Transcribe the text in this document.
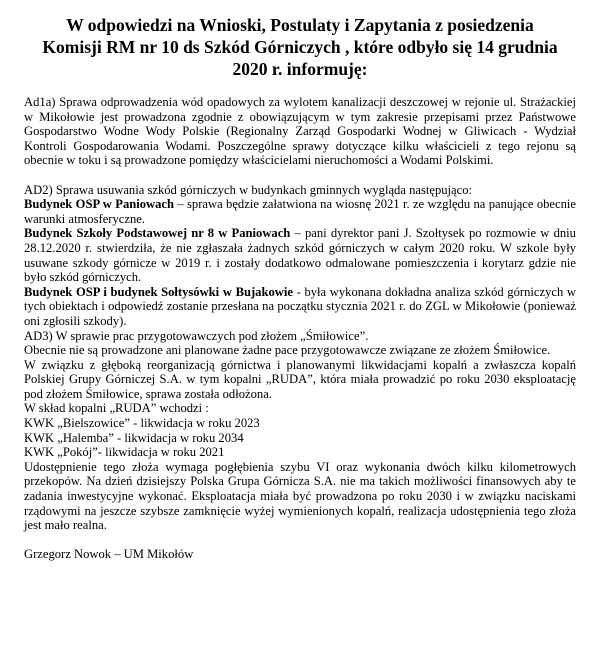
W odpowiedzi na Wnioski, Postulaty i Zapytania z posiedzenia
Komisji RM nr 10 ds Szkód Górniczych , które odbyło się 14 grudnia
2020 r. informuję:

Ad1a) Sprawa odprowadzenia wód opadowych za wylotem kanalizacji deszczowej w rejonie ul. Strażackiej w Mikołowie jest prowadzona zgodnie z obowiązującym w tym zakresie przepisami przez Państwowe Gospodarstwo Wodne Wody Polskie (Regionalny Zarząd Gospodarki Wodnej w Gliwicach - Wydział Kontroli Gospodarowania Wodami. Poszczególne sprawy dotyczące kilku właścicieli z tego rejonu są obecnie w toku i są prowadzone pomiędzy właścicielami nieruchomości a Wodami Polskimi.

AD2) Sprawa usuwania szkód górniczych w budynkach gminnych wygląda następująco:

Budynek OSP w Paniowach – sprawa będzie załatwiona na wiosnę 2021 r. ze względu na panujące obecnie warunki atmosferyczne.

Budynek Szkoły Podstawowej nr 8 w Paniowach – pani dyrektor pani J. Szołtysek po rozmowie w dniu 28.12.2020 r. stwierdziła, że nie zgłaszała żadnych szkód górniczych w całym 2020 roku. W szkole były usuwane szkody górnicze w 2019 r. i zostały dodatkowo odmalowane pomieszczenia i korytarz gdzie nie było szkód górniczych.

Budynek OSP i budynek Sołtysówki w Bujakowie - była wykonana dokładna analiza szkód górniczych w tych obiektach i odpowiedź zostanie przesłana na początku stycznia 2021 r. do ZGL w Mikołowie (ponieważ oni zgłosili szkody).

AD3) W sprawie prac przygotowawczych pod złożem „Śmiłowice”.

Obecnie nie są prowadzone ani planowane żadne pace przygotowawcze związane ze złożem Śmiłowice.

W związku z głęboką reorganizacją górnictwa i planowanymi likwidacjami kopalń a zwłaszcza kopalń Polskiej Grupy Górniczej S.A. w tym kopalni „RUDA”, która miała prowadzić po roku 2030 eksploatację pod złożem Śmiłowice, sprawa została odłożona.

W skład kopalni „RUDA” wchodzi :

KWK „Bielszowice” - likwidacja w roku 2023

KWK „Halemba” - likwidacja w roku 2034

KWK „Pokój”- likwidacja w roku 2021

Udostępnienie tego złoża wymaga pogłębienia szybu VI oraz wykonania dwóch kilku kilometrowych przekopów. Na dzień dzisiejszy Polska Grupa Górnicza S.A. nie ma takich możliwości finansowych aby te zadania inwestycyjne wykonać. Eksploatacja miała być prowadzona po roku 2030 i w związku naciskami rządowymi na jeszcze szybsze zamknięcie wyżej wymienionych kopalń, realizacja udostępnienia tego złoża jest mało realna.

Grzegorz Nowok – UM Mikołów
